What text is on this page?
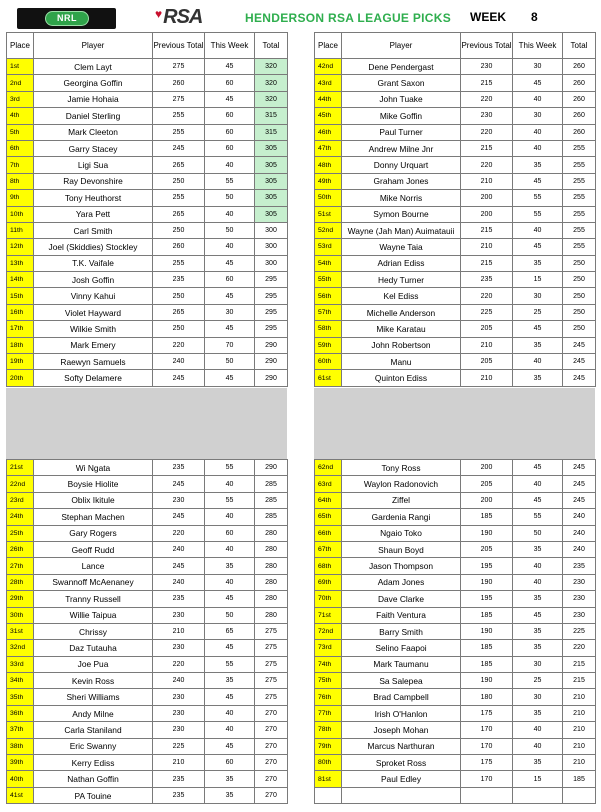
NRL	♥ RSA	HENDERSON RSA LEAGUE PICKS WEEK 8
Place	Player	Previous Total	This Week	Total
1st	Clem Layt	275	45	320
2nd	Georgina Goffin	260	60	320
3rd	Jamie Hohaia	275	45	320
4th	Daniel Sterling	255	60	315
5th	Mark Cleeton	255	60	315
6th	Garry Stacey	245	60	305
7th	Ligi Sua	265	40	305
8th	Ray Devonshire	250	55	305
9th	Tony Heuthorst	255	50	305
10th	Yara Pett	265	40	305
11th	Carl Smith	250	50	300
12th	Joel (Skiddies) Stockley	260	40	300
13th	T.K. Vaifale	255	45	300
14th	Josh Goffin	235	60	295
15th	Vinny Kahui	250	45	295
16th	Violet Hayward	265	30	295
17th	Wilkie Smith	250	45	295
18th	Mark Emery	220	70	290
19th	Raewyn Samuels	240	50	290
20th	Softy Delamere	245	45	290
Place	Player	Previous Total	This Week	Total
42nd	Dene Pendergast	230	30	260
43rd	Grant Saxon	215	45	260
44th	John Tuake	220	40	260
45th	Mike Goffin	230	30	260
46th	Paul Turner	220	40	260
47th	Andrew Milne Jnr	215	40	255
48th	Donny Urquart	220	35	255
49th	Graham Jones	210	45	255
50th	Mike Norris	200	55	255
51st	Symon Bourne	200	55	255
52nd	Wayne (Jah Man) Auimatauii	215	40	255
53rd	Wayne Taia	210	45	255
54th	Adrian Ediss	215	35	250
55th	Hedy Turner	235	15	250
56th	Kel Ediss	220	30	250
57th	Michelle Anderson	225	25	250
58th	Mike Karatau	205	45	250
59th	John Robertson	210	35	245
60th	Manu	205	40	245
61st	Quinton Ediss	210	35	245
21st	Wi Ngata	235	55	290
22nd	Boysie Hiolite	245	40	285
23rd	Oblix Ikitule	230	55	285
24th	Stephan Machen	245	40	285
25th	Gary Rogers	220	60	280
26th	Geoff Rudd	240	40	280
27th	Lance	245	35	280
28th	Swannoff McAenaney	240	40	280
29th	Tranny Russell	235	45	280
30th	Willie Taipua	230	50	280
31st	Chrissy	210	65	275
32nd	Daz Tutauha	230	45	275
33rd	Joe Pua	220	55	275
34th	Kevin Ross	240	35	275
35th	Sheri Williams	230	45	275
36th	Andy Milne	230	40	270
37th	Carla Staniland	230	40	270
38th	Eric Swanny	225	45	270
39th	Kerry Ediss	210	60	270
40th	Nathan Goffin	235	35	270
41st	PA Touine	235	35	270
62nd	Tony Ross	200	45	245
63rd	Waylon Radonovich	205	40	245
64th	Ziffel	200	45	245
65th	Gardenia Rangi	185	55	240
66th	Ngaio Toko	190	50	240
67th	Shaun Boyd	205	35	240
68th	Jason Thompson	195	40	235
69th	Adam Jones	190	40	230
70th	Dave Clarke	195	35	230
71st	Faith Ventura	185	45	230
72nd	Barry Smith	190	35	225
73rd	Selino Faapoi	185	35	220
74th	Mark Taumanu	185	30	215
75th	Sa Salepea	190	25	215
76th	Brad Campbell	180	30	210
77th	Irish O'Hanlon	175	35	210
78th	Joseph Mohan	170	40	210
79th	Marcus Narthuran	170	40	210
80th	Sproket Ross	175	35	210
81st	Paul Edley	170	15	185
